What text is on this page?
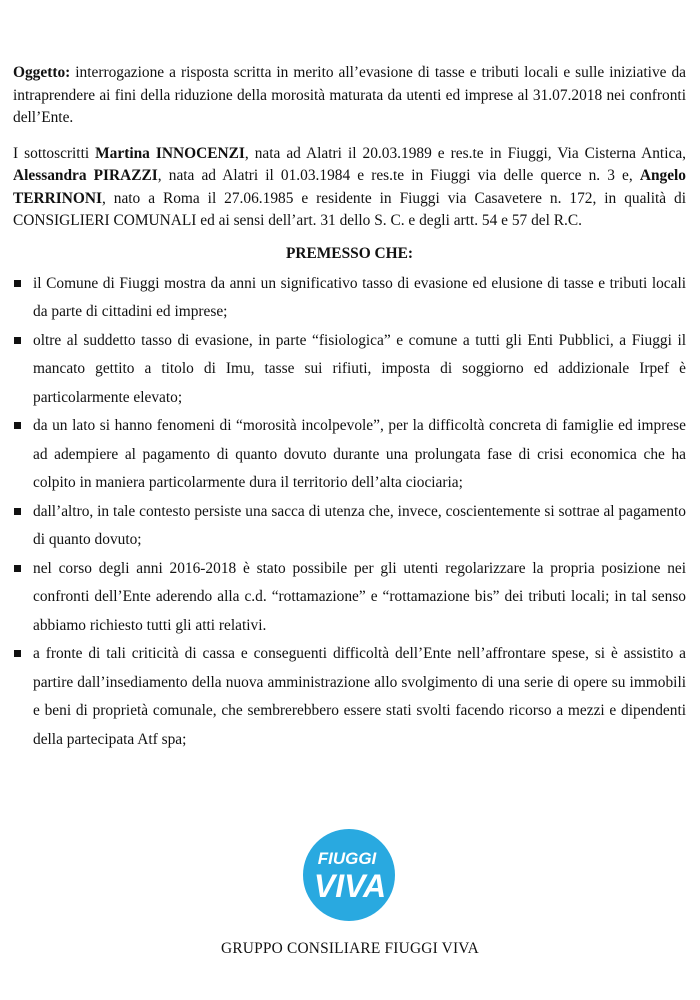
Oggetto: interrogazione a risposta scritta in merito all’evasione di tasse e tributi locali e sulle iniziative da intraprendere ai fini della riduzione della morosità maturata da utenti ed imprese al 31.07.2018 nei confronti dell’Ente.

I sottoscritti Martina INNOCENZI, nata ad Alatri il 20.03.1989 e res.te in Fiuggi, Via Cisterna Antica, Alessandra PIRAZZI, nata ad Alatri il 01.03.1984 e res.te in Fiuggi via delle querce n. 3 e, Angelo TERRINONI, nato a Roma il 27.06.1985 e residente in Fiuggi via Casavetere n. 172, in qualità di CONSIGLIERI COMUNALI ed ai sensi dell’art. 31 dello S. C. e degli artt. 54 e 57 del R.C.

PREMESSO CHE:

il Comune di Fiuggi mostra da anni un significativo tasso di evasione ed elusione di tasse e tributi locali da parte di cittadini ed imprese;
oltre al suddetto tasso di evasione, in parte “fisiologica” e comune a tutti gli Enti Pubblici, a Fiuggi il mancato gettito a titolo di Imu, tasse sui rifiuti, imposta di soggiorno ed addizionale Irpef è particolarmente elevato;
da un lato si hanno fenomeni di “morosità incolpevole”, per la difficoltà concreta di famiglie ed imprese ad adempiere al pagamento di quanto dovuto durante una prolungata fase di crisi economica che ha colpito in maniera particolarmente dura il territorio dell’alta ciociaria;
dall’altro, in tale contesto persiste una sacca di utenza che, invece, coscientemente si sottrae al pagamento di quanto dovuto;
nel corso degli anni 2016-2018 è stato possibile per gli utenti regolarizzare la propria posizione nei confronti dell’Ente aderendo alla c.d. “rottamazione” e “rottamazione bis” dei tributi locali; in tal senso abbiamo richiesto tutti gli atti relativi.
a fronte di tali criticità di cassa e conseguenti difficoltà dell’Ente nell’affrontare spese, si è assistito a partire dall’insediamento della nuova amministrazione allo svolgimento di una serie di opere su immobili e beni di proprietà comunale, che sembrerebbero essere stati svolti facendo ricorso a mezzi e dipendenti della partecipata Atf spa;
FIUGGI
VIVA
GRUPPO CONSILIARE FIUGGI VIVA
